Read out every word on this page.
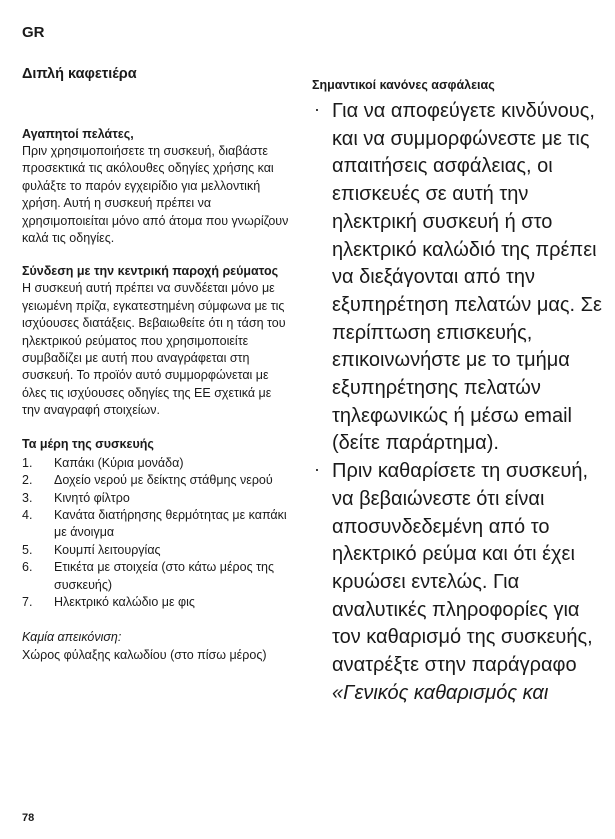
GR
Διπλή καφετιέρα
Αγαπητοί πελάτες,

Πριν χρησιμοποιήσετε τη συσκευή, διαβάστε προσεκτικά τις ακόλουθες οδηγίες χρήσης και φυλάξτε το παρόν εγχειρίδιο για μελλοντική χρήση. Αυτή η συσκευή πρέπει να χρησιμοποιείται μόνο από άτομα που γνωρίζουν καλά τις οδηγίες.

Σύνδεση με την κεντρική παροχή ρεύματος

Η συσκευή αυτή πρέπει να συνδέεται μόνο με γειωμένη πρίζα, εγκατεστημένη σύμφωνα με τις ισχύουσες διατάξεις. Βεβαιωθείτε ότι η τάση του ηλεκτρικού ρεύματος που χρησιμοποιείτε συμβαδίζει με αυτή που αναγράφεται στη συσκευή. Το προϊόν αυτό συμμορφώνεται με όλες τις ισχύουσες οδηγίες της ΕΕ σχετικά με την αναγραφή στοιχείων.

Τα μέρη της συσκευής
1. Καπάκι (Κύρια μονάδα)
2. Δοχείο νερού με δείκτης στάθμης νερού
3. Κινητό φίλτρο
4. Κανάτα διατήρησης θερμότητας με καπάκι με άνοιγμα
5. Κουμπί λειτουργίας
6. Ετικέτα με στοιχεία (στο κάτω μέρος της συσκευής)
7. Ηλεκτρικό καλώδιο με φις
Καμία απεικόνιση:
Χώρος φύλαξης καλωδίου (στο πίσω μέρος)
78
Σημαντικοί κανόνες ασφάλειας
· Για να αποφεύγετε κινδύνους, και να συμμορφώνεστε με τις απαιτήσεις ασφάλειας, οι επισκευές σε αυτή την ηλεκτρική συσκευή ή στο ηλεκτρικό καλώδιό της πρέπει να διεξάγονται από την εξυπηρέτηση πελατών μας. Σε περίπτωση επισκευής, επικοινωνήστε με το τμήμα εξυπηρέτησης πελατών τηλεφωνικώς ή μέσω email (δείτε παράρτημα).
· Πριν καθαρίσετε τη συσκευή, να βεβαιώνεστε ότι είναι αποσυνδεδεμένη από το ηλεκτρικό ρεύμα και ότι έχει κρυώσει εντελώς. Για αναλυτικές πληροφορίες για τον καθαρισμό της συσκευής, ανατρέξτε στην παράγραφο «Γενικός καθαρισμός και
